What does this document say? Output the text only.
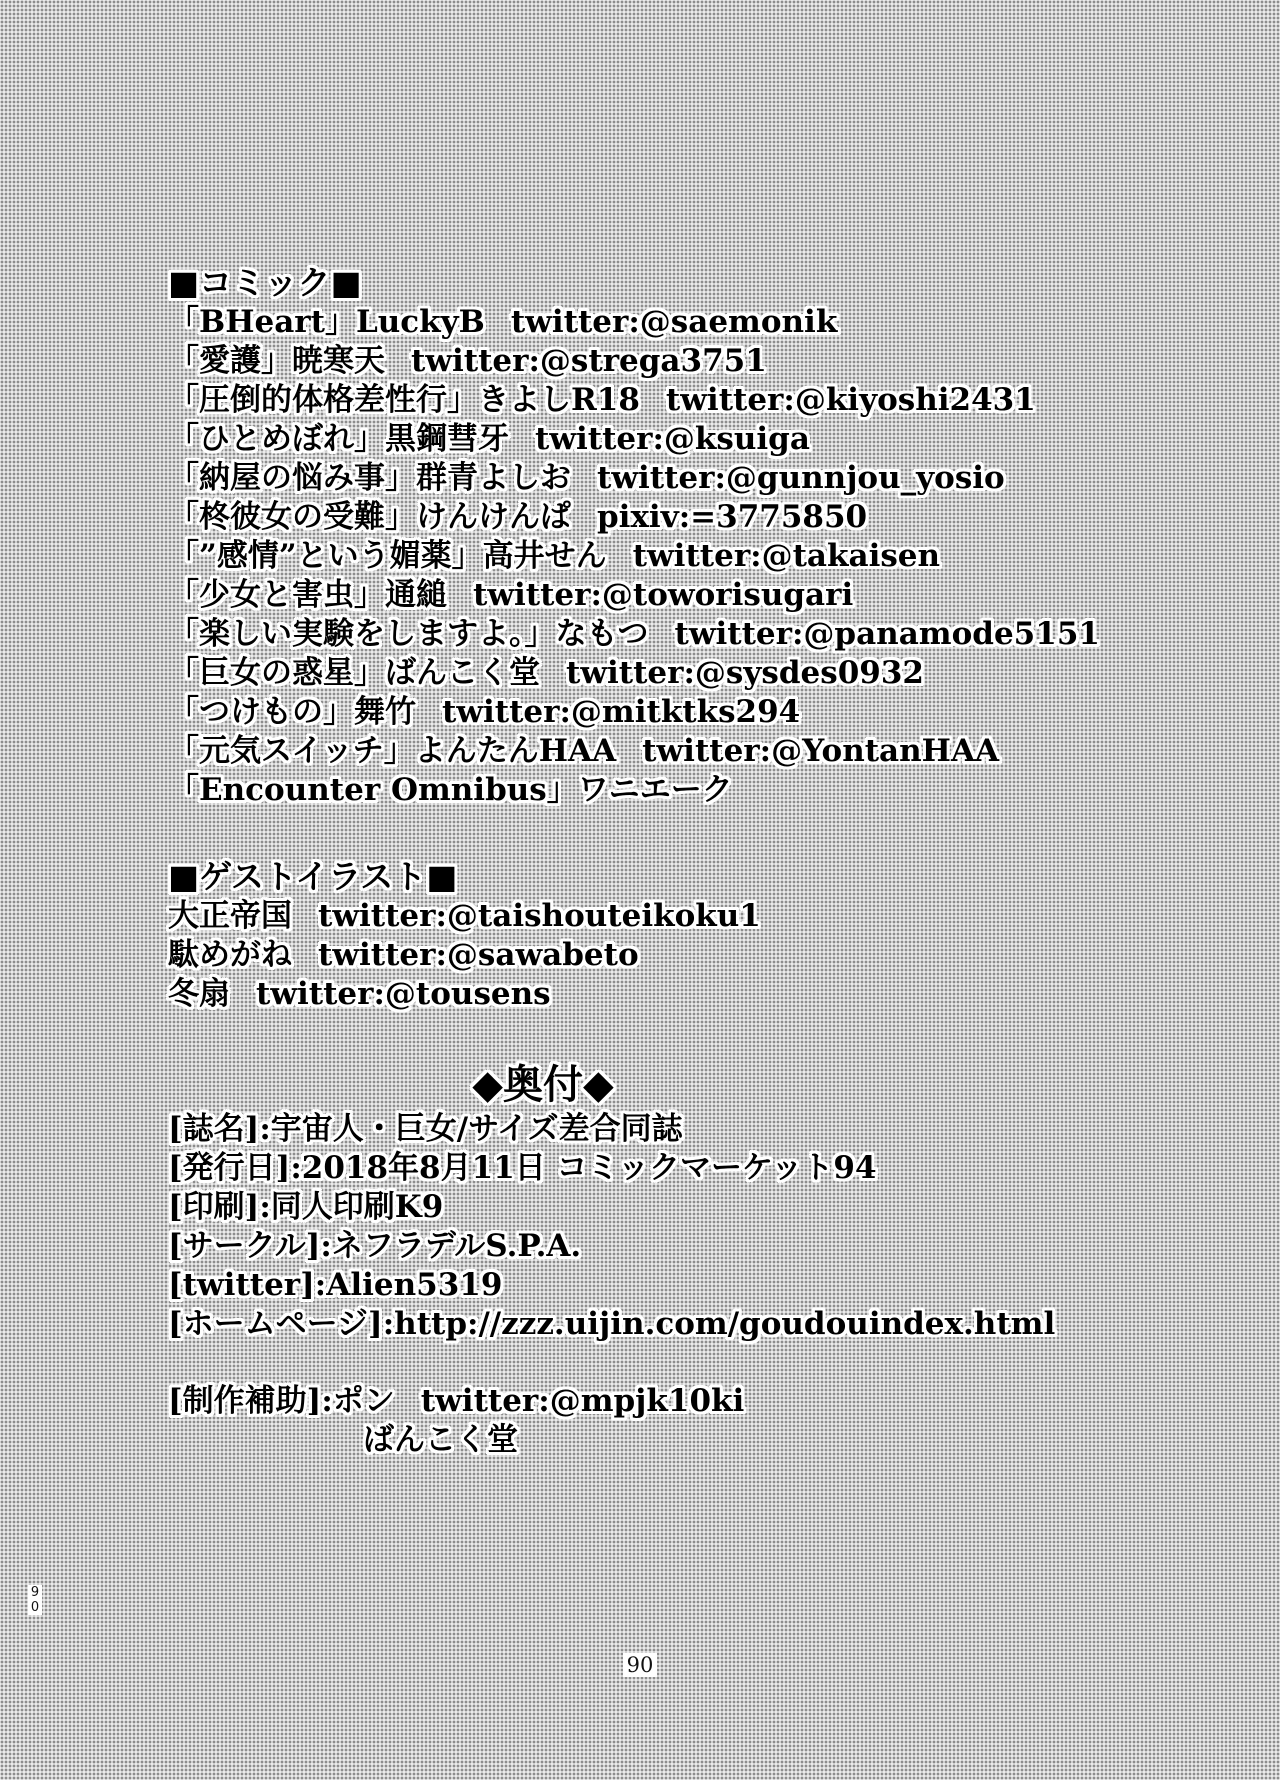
■コミック■
「BHeart」LuckyB twitter:@saemonik
「愛護」暁寒天 twitter:@strega3751
「圧倒的体格差性行」きよしR18 twitter:@kiyoshi2431
「ひとめぼれ」黒鋼彗牙 twitter:@ksuiga
「納屋の悩み事」群青よしお twitter:@gunnjou_yosio
「柊彼女の受難」けんけんぱ pixiv:=3775850
「”感情”という媚薬」高井せん twitter:@takaisen
「少女と害虫」通縋 twitter:@toworisugari
「楽しい実験をしますよ。」なもつ twitter:@panamode5151
「巨女の惑星」ばんこく堂 twitter:@sysdes0932
「つけもの」舞竹 twitter:@mitktks294
「元気スイッチ」よんたんHAA twitter:@YontanHAA
「Encounter Omnibus」ワニエーク
■ゲストイラスト■
大正帝国 twitter:@taishouteikoku1
駄めがね twitter:@sawabeto
冬扇 twitter:@tousens
◆奥付◆
[誌名]:宇宙人・巨女/サイズ差合同誌
[発行日]:2018年8月11日 コミックマーケット94
[印刷]:同人印刷K9
[サークル]:ネフラデルS.P.A.
[twitter]:Alien5319
[ホームページ]:http://zzz.uijin.com/goudouindex.html
[制作補助]:ポン twitter:@mpjk10ki
ばんこく堂
9
0
90
